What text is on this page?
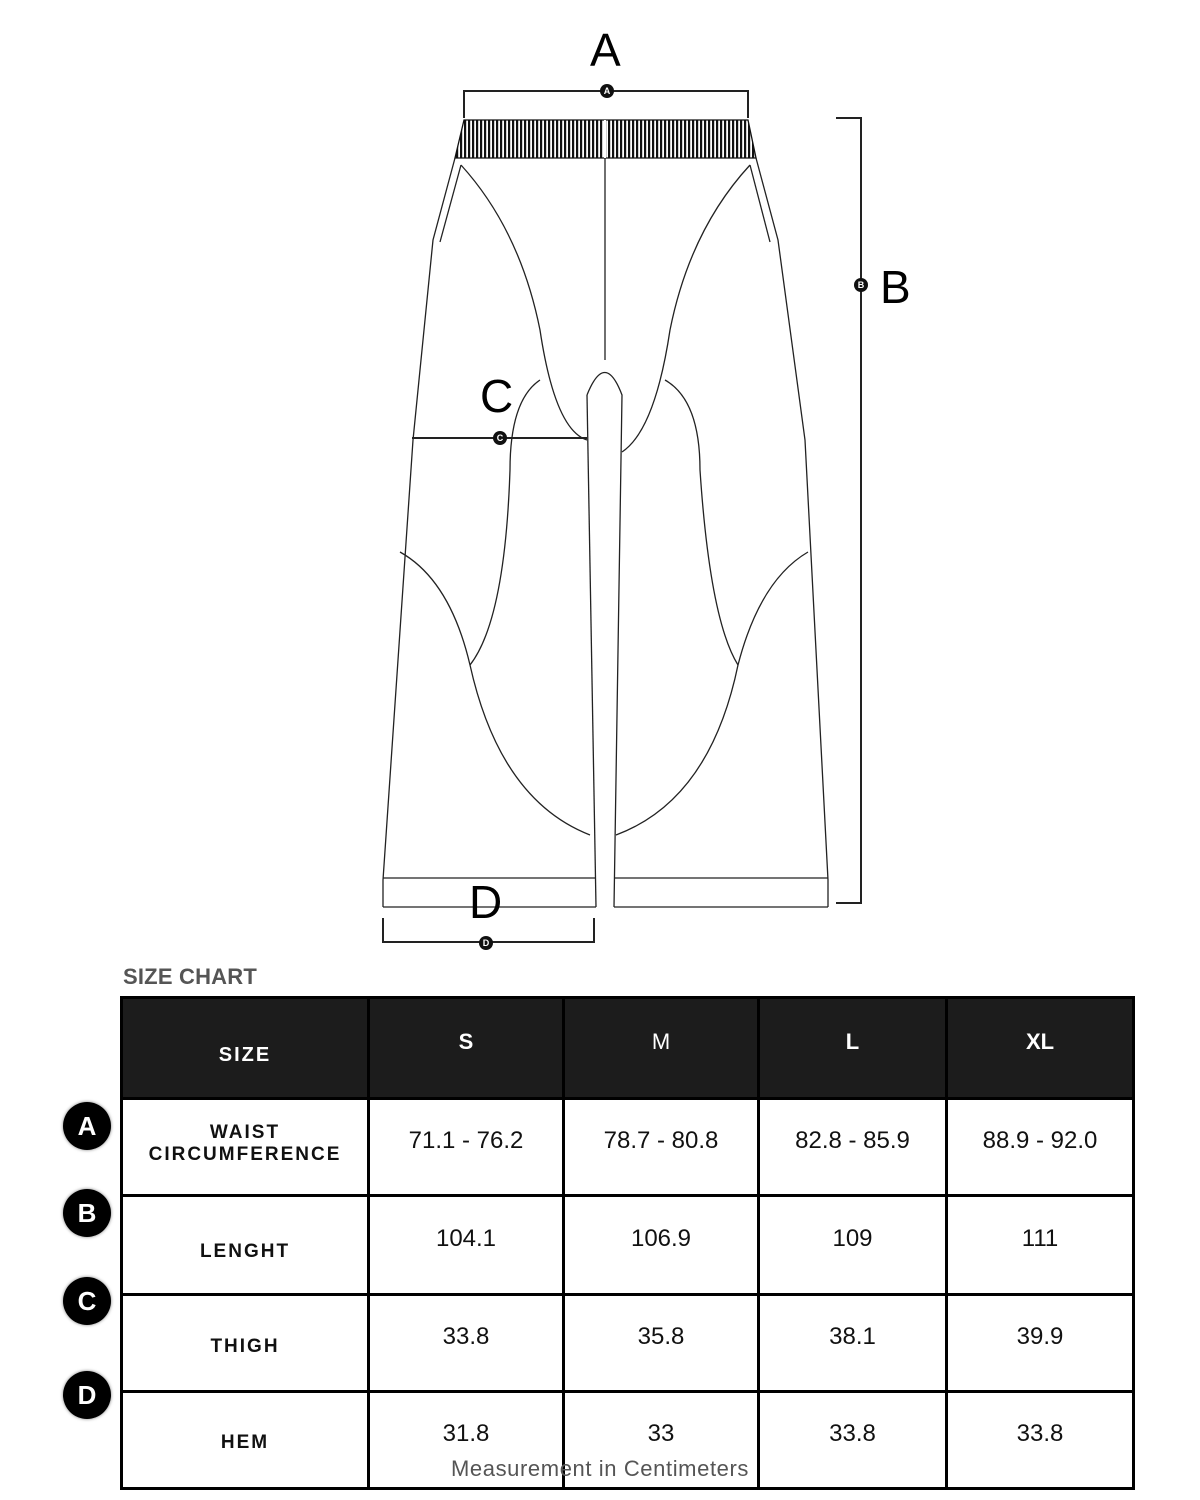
A
B
C
D
A
B
C
D
SIZE CHART
SIZE	S	M	L	XL

WAIST
CIRCUMFERENCE	71.1 - 76.2	78.7 - 80.8	82.8 - 85.9	88.9 - 92.0
LENGHT	104.1	106.9	109	111
THIGH	33.8	35.8	38.1	39.9
HEM	31.8	33	33.8	33.8
A
B
C
D
Measurement in Centimeters
